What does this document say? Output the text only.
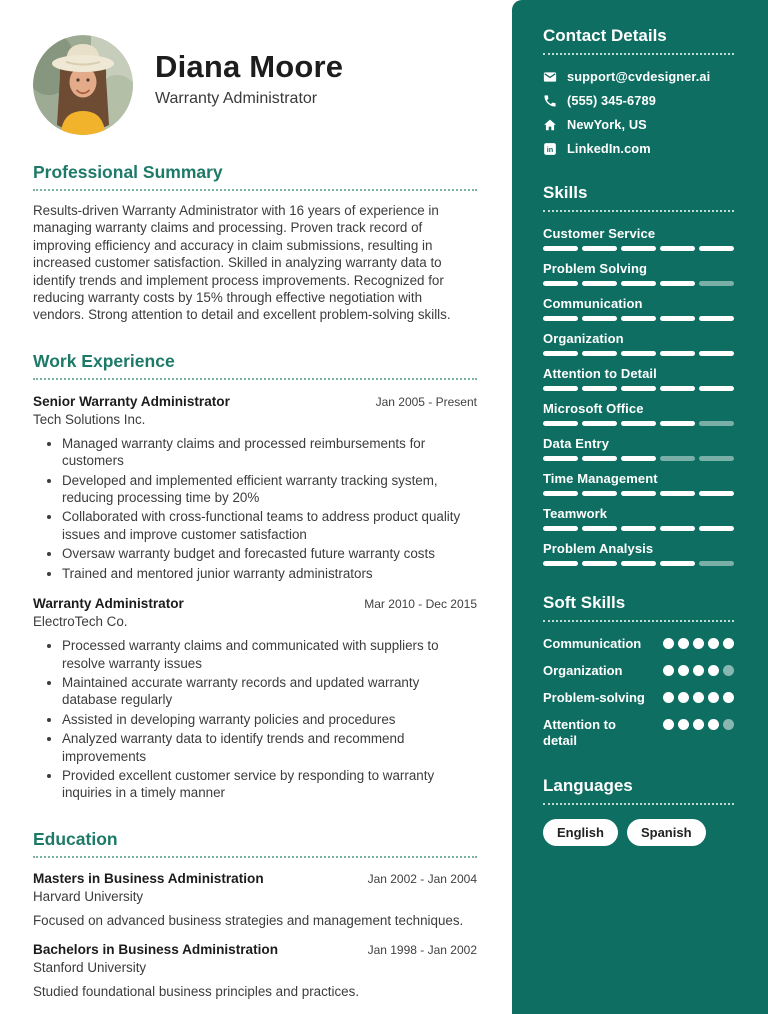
Diana Moore
Warranty Administrator
Professional Summary

Results-driven Warranty Administrator with 16 years of experience in managing warranty claims and processing. Proven track record of improving efficiency and accuracy in claim submissions, resulting in increased customer satisfaction. Skilled in analyzing warranty data to identify trends and implement process improvements. Recognized for reducing warranty costs by 15% through effective negotiation with vendors. Strong attention to detail and excellent problem-solving skills.

Work Experience
Senior Warranty Administrator	Jan 2005 - Present
Tech Solutions Inc.
• Managed warranty claims and processed reimbursements for customers
• Developed and implemented efficient warranty tracking system, reducing processing time by 20%
• Collaborated with cross-functional teams to address product quality issues and improve customer satisfaction
• Oversaw warranty budget and forecasted future warranty costs
• Trained and mentored junior warranty administrators
Warranty Administrator	Mar 2010 - Dec 2015
ElectroTech Co.
• Processed warranty claims and communicated with suppliers to resolve warranty issues
• Maintained accurate warranty records and updated warranty database regularly
• Assisted in developing warranty policies and procedures
• Analyzed warranty data to identify trends and recommend improvements
• Provided excellent customer service by responding to warranty inquiries in a timely manner
Education
Masters in Business Administration	Jan 2002 - Jan 2004
Harvard University

Focused on advanced business strategies and management techniques.

Bachelors in Business Administration	Jan 1998 - Jan 2002
Stanford University

Studied foundational business principles and practices.

Contact Details
support@cvdesigner.ai
(555) 345-6789
NewYork, US
in LinkedIn.com
Skills
Customer Service
Problem Solving
Communication
Organization
Attention to Detail
Microsoft Office
Data Entry
Time Management
Teamwork
Problem Analysis
Soft Skills
Communication
Organization
Problem-solving
Attention to detail
Languages
English	Spanish
